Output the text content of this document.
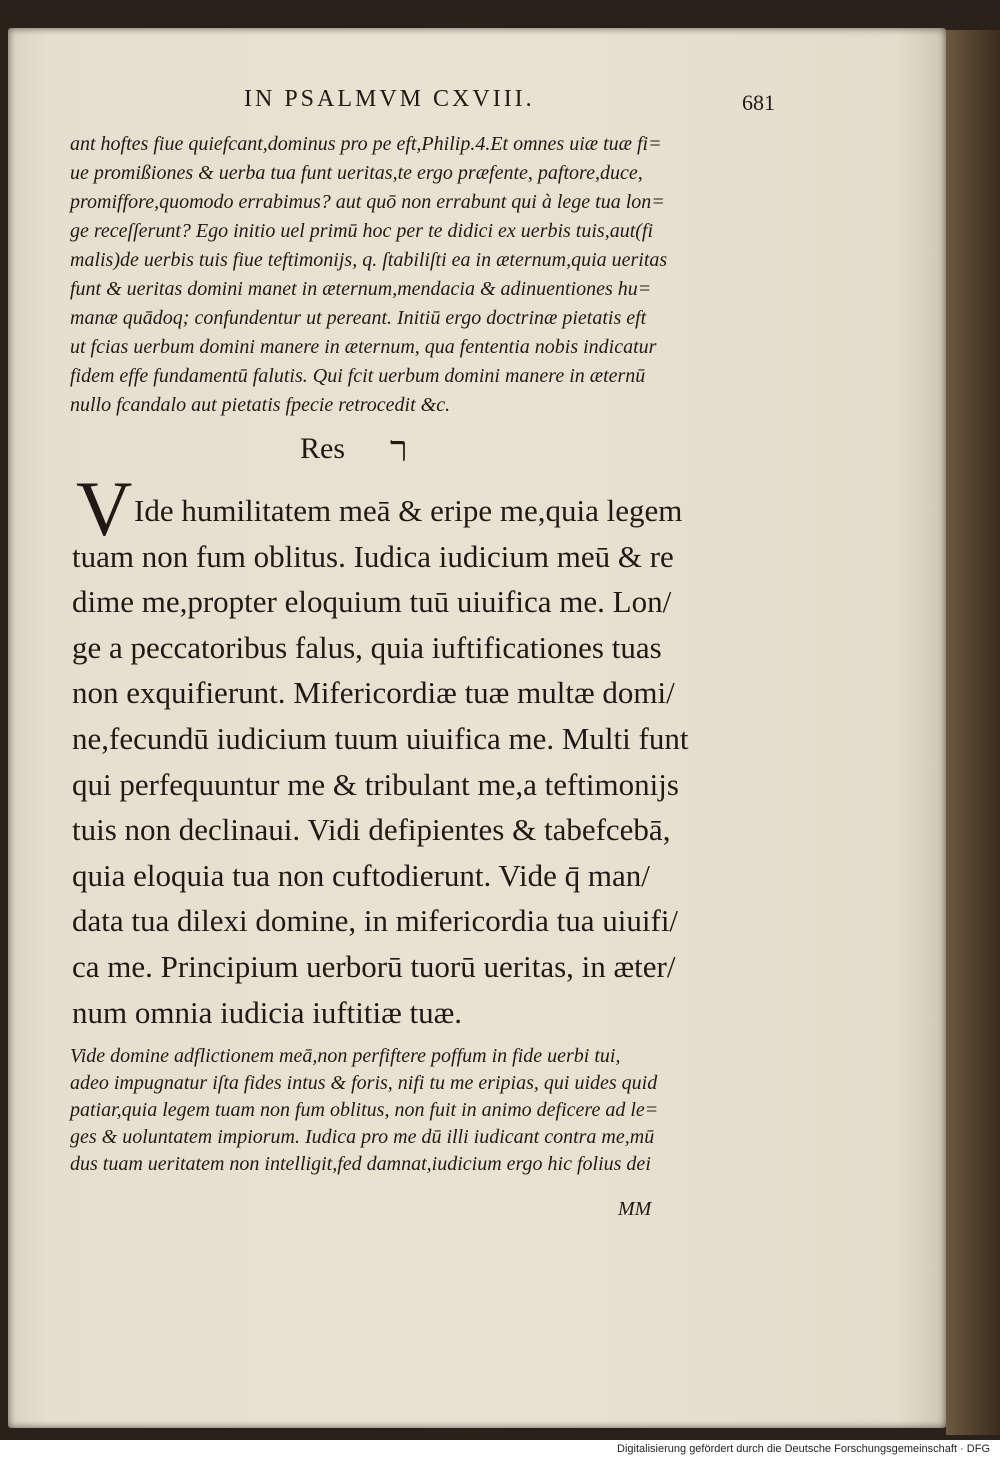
IN PSALMVM CXVIII.	681
ant hoftes fiue quiefcant,dominus pro pe eft,Philip.4.Et omnes uiæ tuæ fi=
ue promißiones & uerba tua funt ueritas,te ergo præfente, paftore,duce,
promiffore,quomodo errabimus? aut quō non errabunt qui à lege tua lon=
ge receſſerunt? Ego initio uel primū hoc per te didici ex uerbis tuis,aut(fi
malis)de uerbis tuis fiue teftimonijs, q. ſtabiliſti ea in æternum,quia ueritas
funt & ueritas domini manet in æternum,mendacia & adinuentiones hu=
manæ quādoq; confundentur ut pereant. Initiū ergo doctrinæ pietatis eft
ut fcias uerbum domini manere in æternum, qua fententia nobis indicatur
fidem effe fundamentū falutis. Qui fcit uerbum domini manere in æternū
nullo fcandalo aut pietatis fpecie retrocedit &c.
Res ר
V Ide humilitatem meā & eripe me,quia legem
tuam non fum oblitus. Iudica iudicium meū & re
dime me,propter eloquium tuū uiuifica me. Lon/
ge a peccatoribus falus, quia iuftificationes tuas
non exquifierunt. Mifericordiæ tuæ multæ domi/
ne,fecundū iudicium tuum uiuifica me. Multi funt
qui perfequuntur me & tribulant me,a teftimonijs
tuis non declinaui. Vidi defipientes & tabefcebā,
quia eloquia tua non cuftodierunt. Vide q̄ man/
data tua dilexi domine, in mifericordia tua uiuifi/
ca me. Principium uerborū tuorū ueritas, in æter/
num omnia iudicia iuftitiæ tuæ.
Vide domine adflictionem meā,non perfiftere poffum in fide uerbi tui,
adeo impugnatur iſta fides intus & foris, nifi tu me eripias, qui uides quid
patiar,quia legem tuam non fum oblitus, non fuit in animo deficere ad le=
ges & uoluntatem impiorum. Iudica pro me dū illi iudicant contra me,mū
dus tuam ueritatem non intelligit,fed damnat,iudicium ergo hic folius dei
MM
Digitalisierung gefördert durch die Deutsche Forschungsgemeinschaft · DFG
